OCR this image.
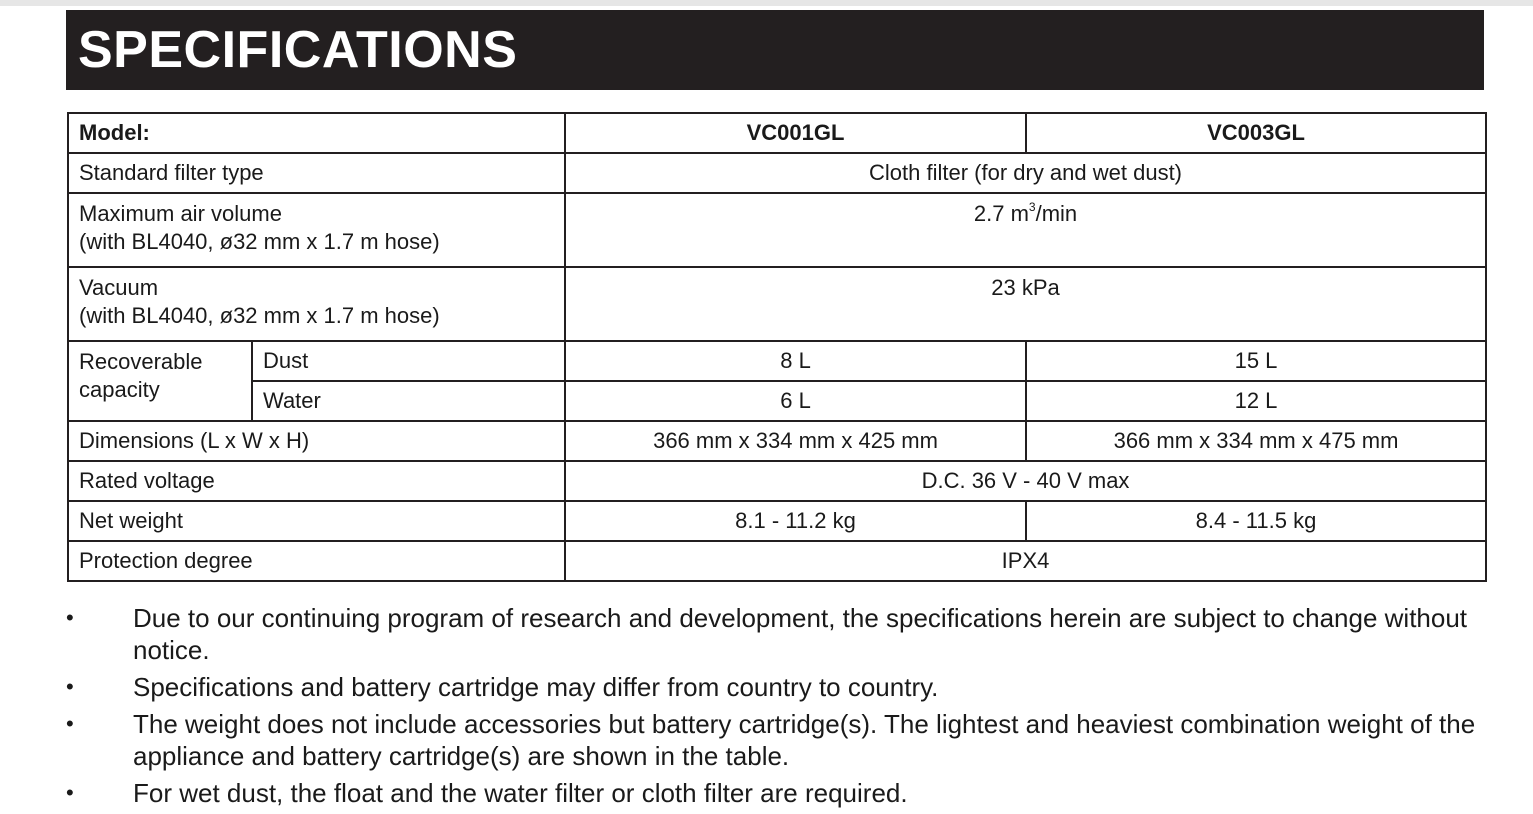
SPECIFICATIONS
Model:		VC001GL	VC003GL
Standard filter type		Cloth filter (for dry and wet dust)	

Maximum air volume
(with BL4040, ø32 mm x 1.7 m hose)		2.7 $m^3/\min$	

Vacuum
(with BL4040, ø32 mm x 1.7 m hose)		23 kPa	

Recoverable
capacity	Dust	8 L	15 L
	Water	6 L	12 L
Dimensions (L x W x H)		366 mm x 334 mm x 425 mm	366 mm x 334 mm x 475 mm
Rated voltage		D.C. 36 V - 40 V max	
Net weight		8.1 - 11.2 kg	8.4 - 11.5 kg
Protection degree		IPX4	
• Due to our continuing program of research and development, the specifications herein are subject to change without notice.
• Specifications and battery cartridge may differ from country to country.
• The weight does not include accessories but battery cartridge(s). The lightest and heaviest combination weight of the appliance and battery cartridge(s) are shown in the table.
• For wet dust, the float and the water filter or cloth filter are required.
